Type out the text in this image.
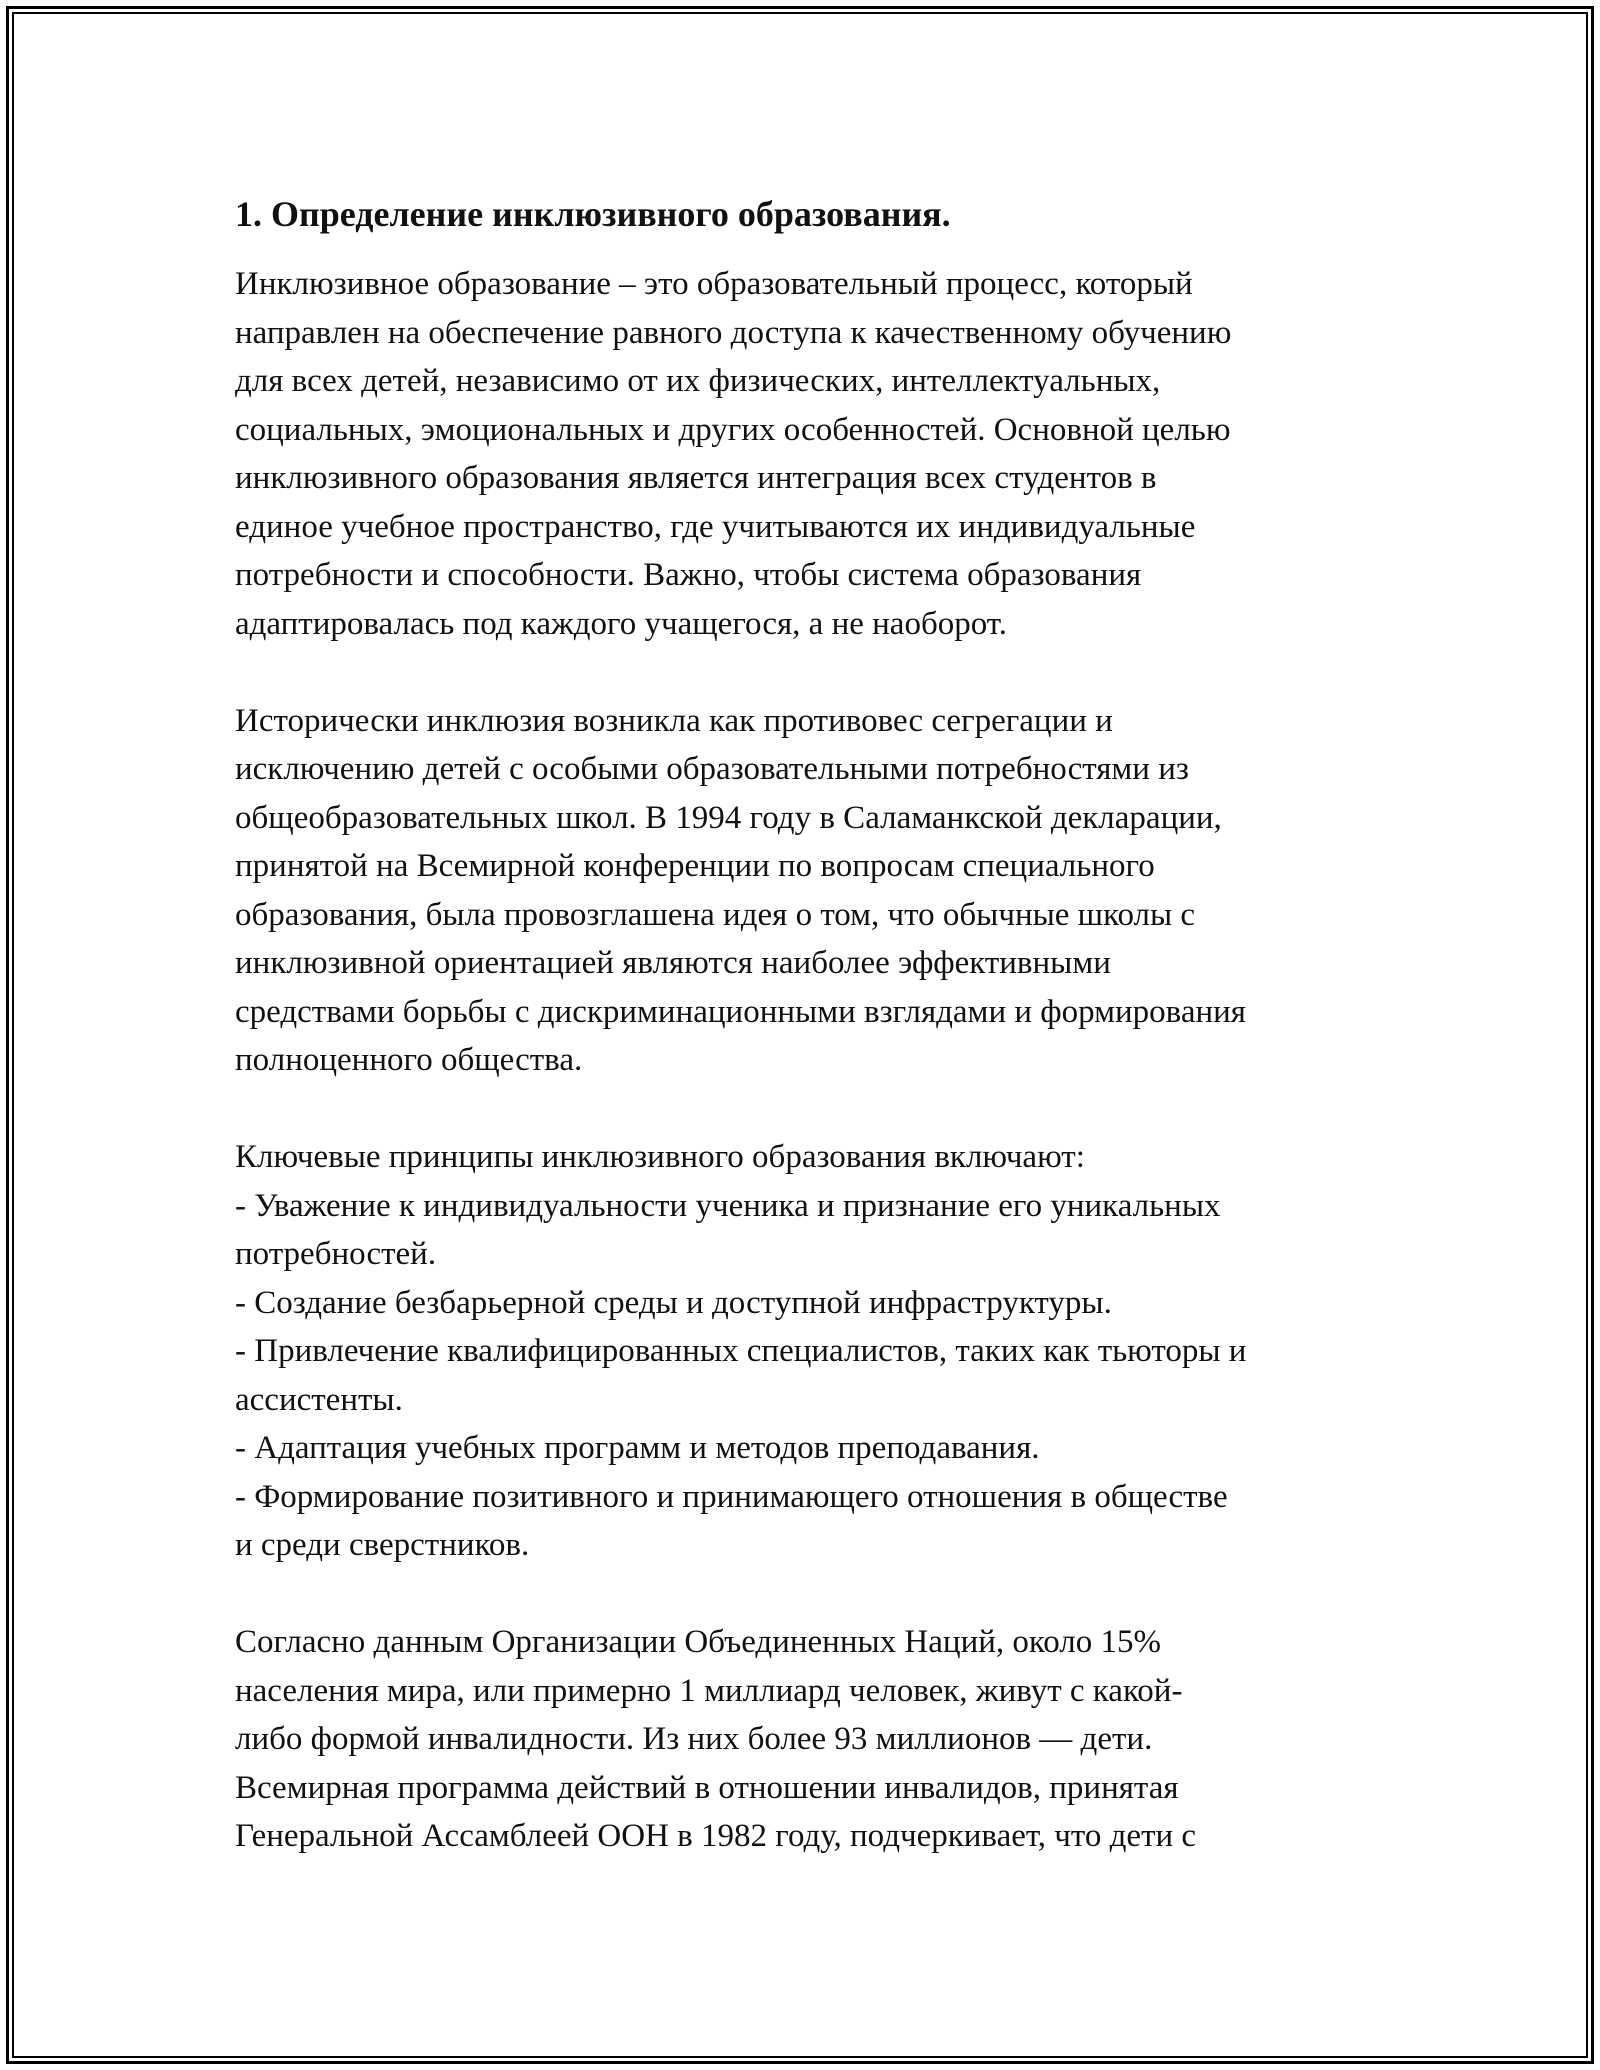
1. Определение инклюзивного образования.

Инклюзивное образование – это образовательный процесс, который
направлен на обеспечение равного доступа к качественному обучению
для всех детей, независимо от их физических, интеллектуальных,
социальных, эмоциональных и других особенностей. Основной целью
инклюзивного образования является интеграция всех студентов в
единое учебное пространство, где учитываются их индивидуальные
потребности и способности. Важно, чтобы система образования
адаптировалась под каждого учащегося, а не наоборот.

Исторически инклюзия возникла как противовес сегрегации и
исключению детей с особыми образовательными потребностями из
общеобразовательных школ. В 1994 году в Саламанкской декларации,
принятой на Всемирной конференции по вопросам специального
образования, была провозглашена идея о том, что обычные школы с
инклюзивной ориентацией являются наиболее эффективными
средствами борьбы с дискриминационными взглядами и формирования
полноценного общества.

Ключевые принципы инклюзивного образования включают:
- Уважение к индивидуальности ученика и признание его уникальных
потребностей.
- Создание безбарьерной среды и доступной инфраструктуры.
- Привлечение квалифицированных специалистов, таких как тьюторы и
ассистенты.
- Адаптация учебных программ и методов преподавания.
- Формирование позитивного и принимающего отношения в обществе
и среди сверстников.

Согласно данным Организации Объединенных Наций, около 15%
населения мира, или примерно 1 миллиард человек, живут с какой-
либо формой инвалидности. Из них более 93 миллионов — дети.
Всемирная программа действий в отношении инвалидов, принятая
Генеральной Ассамблеей ООН в 1982 году, подчеркивает, что дети с
